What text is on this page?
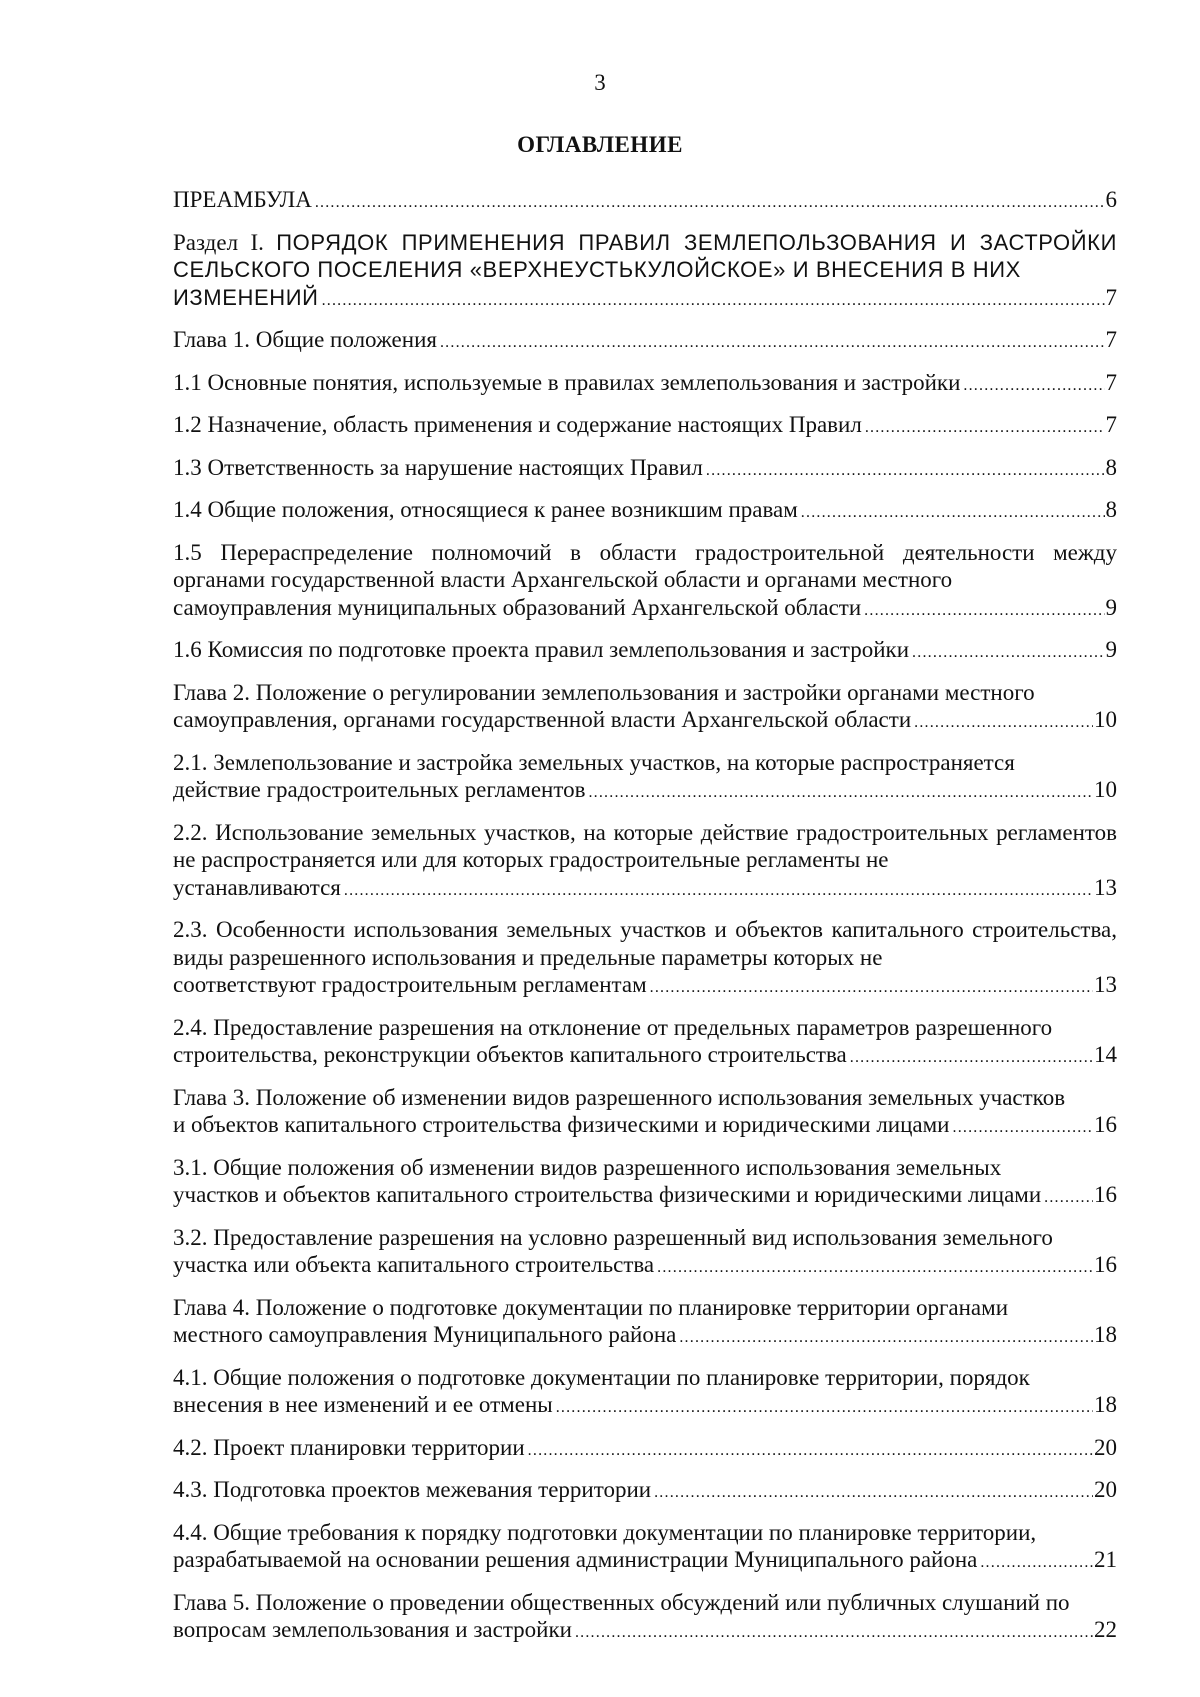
3
ОГЛАВЛЕНИЕ
ПРЕАМБУЛА .....	6
Раздел I. ПОРЯДОК ПРИМЕНЕНИЯ ПРАВИЛ ЗЕМЛЕПОЛЬЗОВАНИЯ И ЗАСТРОЙКИ СЕЛЬСКОГО ПОСЕЛЕНИЯ «ВЕРХНЕУСТЬКУЛОЙСКОЕ» И ВНЕСЕНИЯ В НИХ
ИЗМЕНЕНИЙ .....	7
Глава 1. Общие положения .....	7
1.1 Основные понятия, используемые в правилах землепользования и застройки .....	7
1.2 Назначение, область применения и содержание настоящих Правил .....	7
1.3 Ответственность за нарушение настоящих Правил .....	8
1.4 Общие положения, относящиеся к ранее возникшим правам .....	8
1.5 Перераспределение полномочий в области градостроительной деятельности между органами государственной власти Архангельской области и органами местного
самоуправления муниципальных образований Архангельской области .....	9
1.6 Комиссия по подготовке проекта правил землепользования и застройки .....	9
Глава 2. Положение о регулировании землепользования и застройки органами местного
самоуправления, органами государственной власти Архангельской области .....	10
2.1. Землепользование и застройка земельных участков, на которые распространяется
действие градостроительных регламентов .....	10
2.2. Использование земельных участков, на которые действие градостроительных регламентов не распространяется или для которых градостроительные регламенты не
устанавливаются .....	13
2.3. Особенности использования земельных участков и объектов капитального строительства, виды разрешенного использования и предельные параметры которых не
соответствуют градостроительным регламентам .....	13
2.4. Предоставление разрешения на отклонение от предельных параметров разрешенного
строительства, реконструкции объектов капитального строительства .....	14
Глава 3. Положение об изменении видов разрешенного использования земельных участков
и объектов капитального строительства физическими и юридическими лицами .....	16
3.1. Общие положения об изменении видов разрешенного использования земельных
участков и объектов капитального строительства физическими и юридическими лицами ..... 16
3.2. Предоставление разрешения на условно разрешенный вид использования земельного
участка или объекта капитального строительства .....	16
Глава 4. Положение о подготовке документации по планировке территории органами
местного самоуправления Муниципального района .....	18
4.1. Общие положения о подготовке документации по планировке территории, порядок
внесения в нее изменений и ее отмены .....	18
4.2. Проект планировки территории .....	20
4.3. Подготовка проектов межевания территории .....	20
4.4. Общие требования к порядку подготовки документации по планировке территории,
разрабатываемой на основании решения администрации Муниципального района .....	21
Глава 5. Положение о проведении общественных обсуждений или публичных слушаний по
вопросам землепользования и застройки .....	22
